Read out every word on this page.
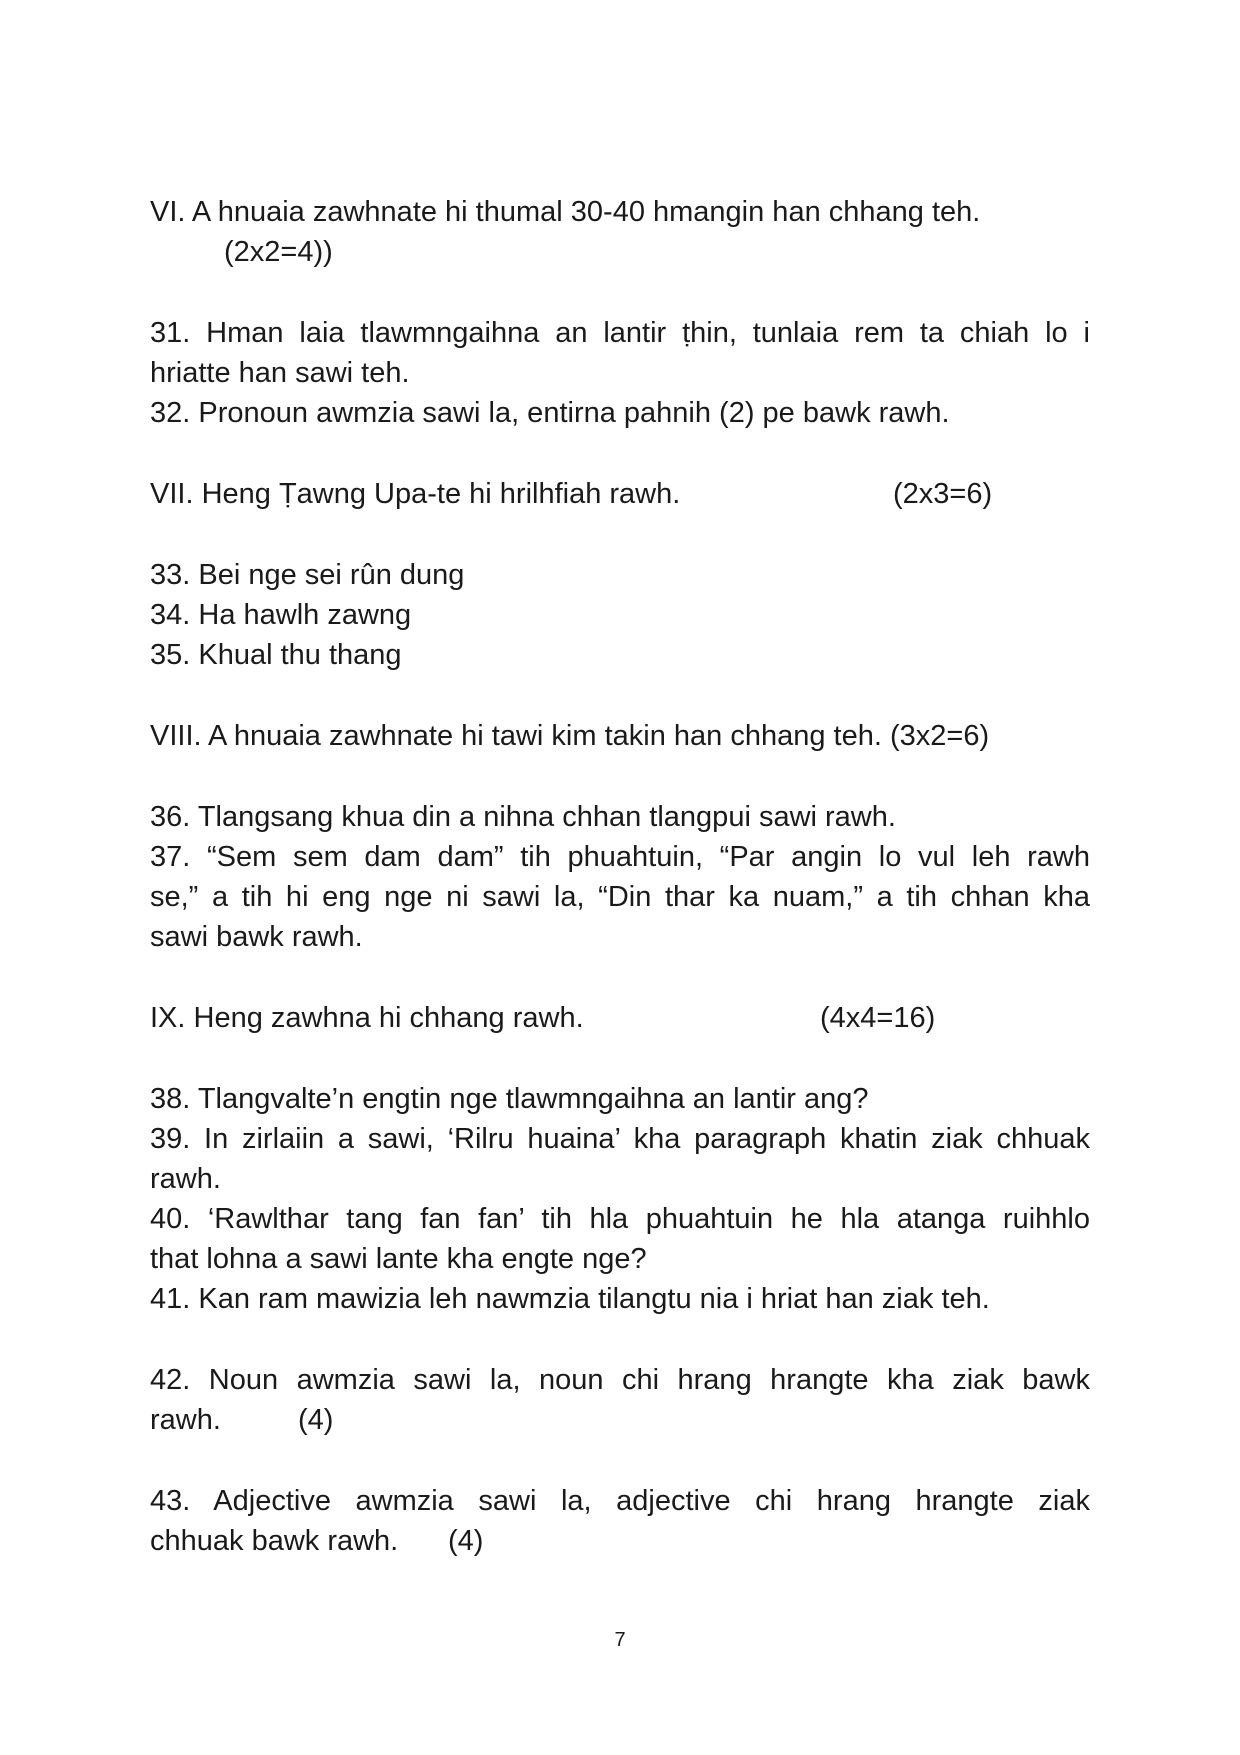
VI. A hnuaia zawhnate hi thumal 30-40 hmangin han chhang teh.
(2x2=4))
31. Hman laia tlawmngaihna an lantir ṭhin, tunlaia rem ta chiah lo i
hriatte han sawi teh.
32. Pronoun awmzia sawi la, entirna pahnih (2) pe bawk rawh.
VII. Heng Ṭawng Upa-te hi hrilhfiah rawh.	(2x3=6)
33. Bei nge sei rûn dung
34. Ha hawlh zawng
35. Khual thu thang
VIII. A hnuaia zawhnate hi tawi kim takin han chhang teh. (3x2=6)
36. Tlangsang khua din a nihna chhan tlangpui sawi rawh.
37. “Sem sem dam dam” tih phuahtuin, “Par angin lo vul leh rawh
se,” a tih hi eng nge ni sawi la, “Din thar ka nuam,” a tih chhan kha
sawi bawk rawh.
IX. Heng zawhna hi chhang rawh.	(4x4=16)
38. Tlangvalte’n engtin nge tlawmngaihna an lantir ang?
39. In zirlaiin a sawi, ‘Rilru huaina’ kha paragraph khatin ziak chhuak
rawh.
40. ‘Rawlthar tang fan fan’ tih hla phuahtuin he hla atanga ruihhlo
that lohna a sawi lante kha engte nge?
41. Kan ram mawizia leh nawmzia tilangtu nia i hriat han ziak teh.
42. Noun awmzia sawi la, noun chi hrang hrangte kha ziak bawk
rawh.	(4)
43. Adjective awmzia sawi la, adjective chi hrang hrangte ziak
chhuak bawk rawh. (4)
7
